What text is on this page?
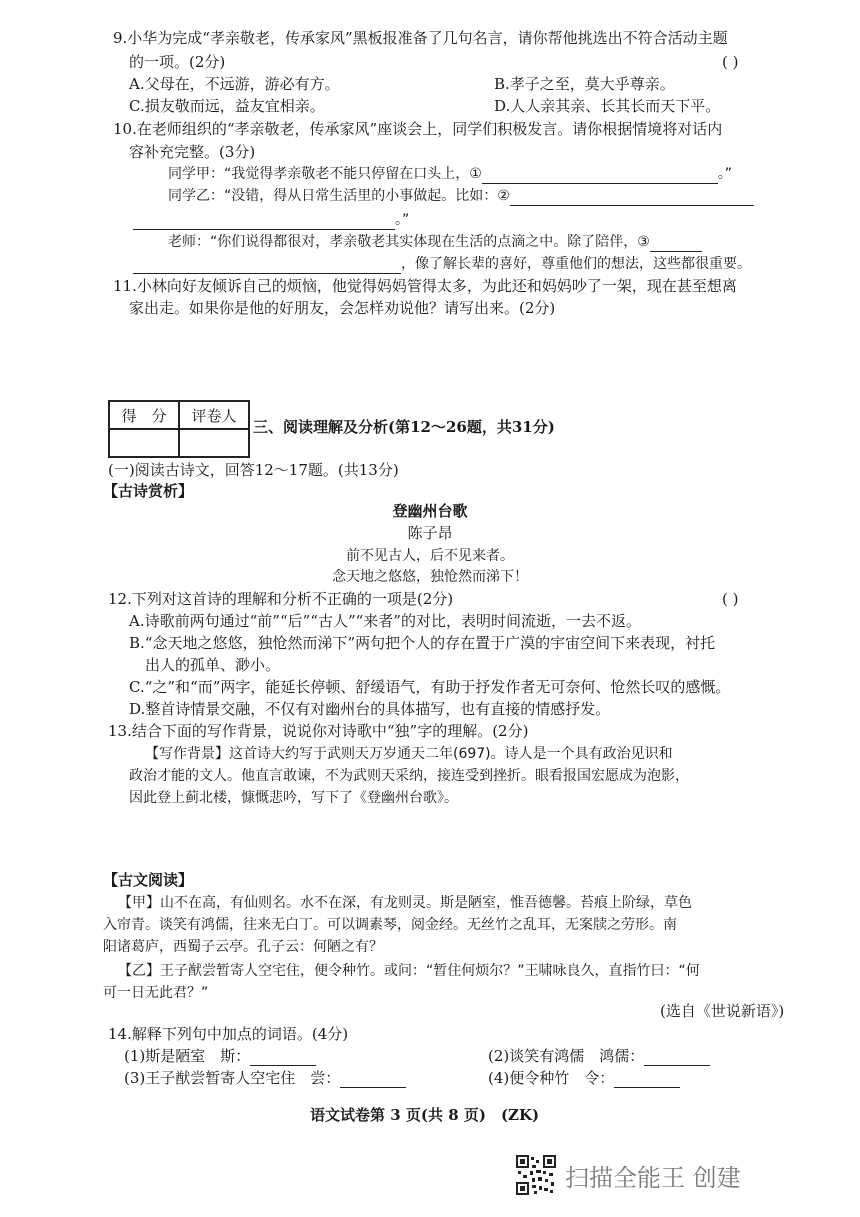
9.小华为完成“孝亲敬老，传承家风”黑板报准备了几句名言，请你帮他挑选出不符合活动主题
的一项。(2分)	( )
A.父母在，不远游，游必有方。	B.孝子之至，莫大乎尊亲。
C.损友敬而远，益友宜相亲。	D.人人亲其亲、长其长而天下平。
10.在老师组织的“孝亲敬老，传承家风”座谈会上，同学们积极发言。请你根据情境将对话内
容补充完整。(3分)
同学甲：“我觉得孝亲敬老不能只停留在口头上，①	。”
同学乙：“没错，得从日常生活里的小事做起。比如：②
。”
老师：“你们说得都很对，孝亲敬老其实体现在生活的点滴之中。除了陪伴，③
，像了解长辈的喜好，尊重他们的想法，这些都很重要。
11.小林向好友倾诉自己的烦恼，他觉得妈妈管得太多，为此还和妈妈吵了一架，现在甚至想离
家出走。如果你是他的好朋友，会怎样劝说他？请写出来。(2分)
得　分	评卷人

三、阅读理解及分析(第12～26题，共31分)
(一)阅读古诗文，回答12～17题。(共13分)
【古诗赏析】
登幽州台歌
陈子昂
前不见古人，后不见来者。
念天地之悠悠，独怆然而涕下！
12.下列对这首诗的理解和分析不正确的一项是(2分)	( )
A.诗歌前两句通过“前”“后”“古人”“来者”的对比，表明时间流逝，一去不返。
B.“念天地之悠悠，独怆然而涕下”两句把个人的存在置于广漠的宇宙空间下来表现，衬托
出人的孤单、渺小。
C.“之”和“而”两字，能延长停顿、舒缓语气，有助于抒发作者无可奈何、怆然长叹的感慨。
D.整首诗情景交融，不仅有对幽州台的具体描写，也有直接的情感抒发。
13.结合下面的写作背景，说说你对诗歌中“独”字的理解。(2分)
【写作背景】这首诗大约写于武则天万岁通天二年(697)。诗人是一个具有政治见识和
政治才能的文人。他直言敢谏，不为武则天采纳，接连受到挫折。眼看报国宏愿成为泡影，
因此登上蓟北楼，慷慨悲吟，写下了《登幽州台歌》。
【古文阅读】
【甲】山不在高，有仙则名。水不在深，有龙则灵。斯是陋室，惟吾德馨。苔痕上阶绿，草色
入帘青。谈笑有鸿儒，往来无白丁。可以调素琴，阅金经。无丝竹之乱耳，无案牍之劳形。南
阳诸葛庐，西蜀子云亭。孔子云：何陋之有？
【乙】王子猷尝暂寄人空宅住，便令种竹。或问：“暂住何烦尔？”王啸咏良久，直指竹曰：“何
可一日无此君？”
(选自《世说新语》)
14.解释下列句中加点的词语。(4分)
(1)斯是陋室　斯：	(2)谈笑有鸿儒　鸿儒：
(3)王子猷尝暂寄人空宅住　尝：	(4)便令种竹　令：
语文试卷第 3 页(共 8 页)　(ZK)
扫描全能王 创建
